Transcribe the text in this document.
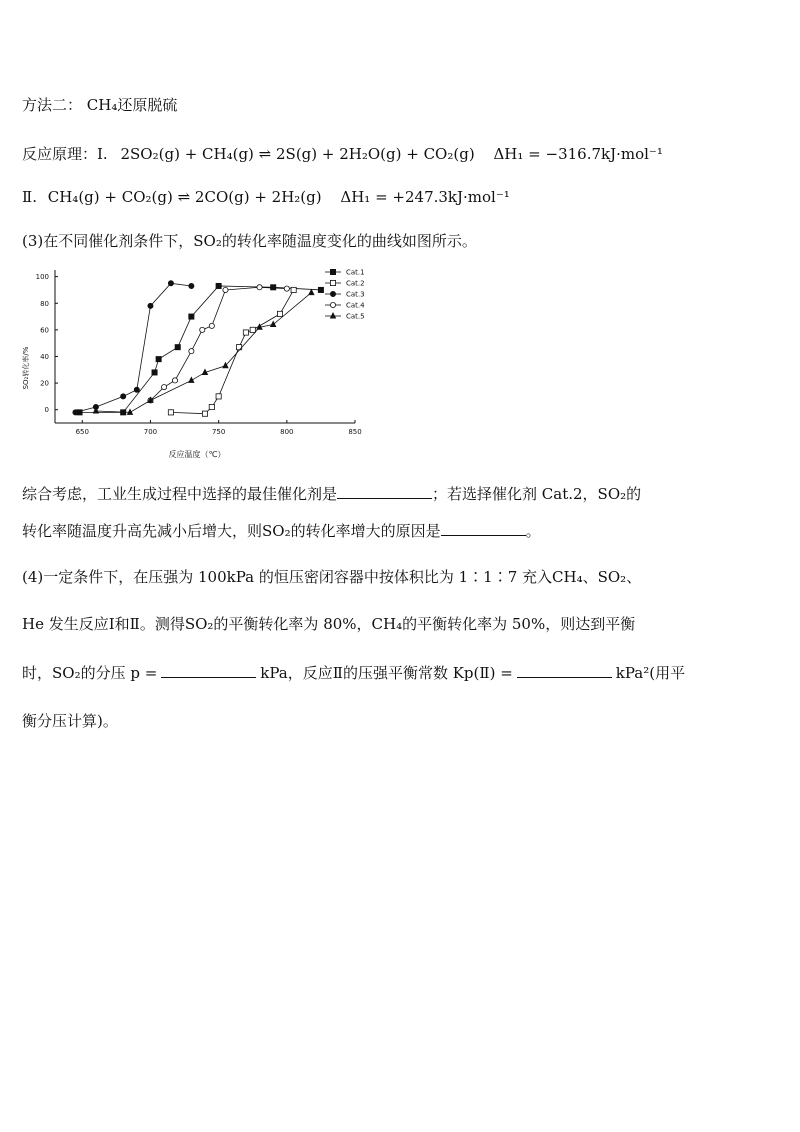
方法二： CH₄还原脱硫
反应原理：Ⅰ. 2SO₂(g) + CH₄(g) ⇌ 2S(g) + 2H₂O(g) + CO₂(g) ΔH₁ = −316.7kJ·mol⁻¹
Ⅱ. CH₄(g) + CO₂(g) ⇌ 2CO(g) + 2H₂(g) ΔH₁ = +247.3kJ·mol⁻¹
(3)在不同催化剂条件下，SO₂的转化率随温度变化的曲线如图所示。
650	700	750	800	850
0
20
40
60
80
100
Cat.1
Cat.2
Cat.3
Cat.4
Cat.5
反应温度（℃）
SO₂转化率/%
综合考虑，工业生成过程中选择的最佳催化剂是	；若选择催化剂 Cat.2，SO₂的
转化率随温度升高先减小后增大，则SO₂的转化率增大的原因是	。
(4)一定条件下，在压强为 100kPa 的恒压密闭容器中按体积比为 1∶1∶7 充入CH₄、SO₂、
He 发生反应Ⅰ和Ⅱ。测得SO₂的平衡转化率为 80%，CH₄的平衡转化率为 50%，则达到平衡
时，SO₂的分压 p =	kPa，反应Ⅱ的压强平衡常数 Kp(Ⅱ) =	kPa²(用平
衡分压计算)。
